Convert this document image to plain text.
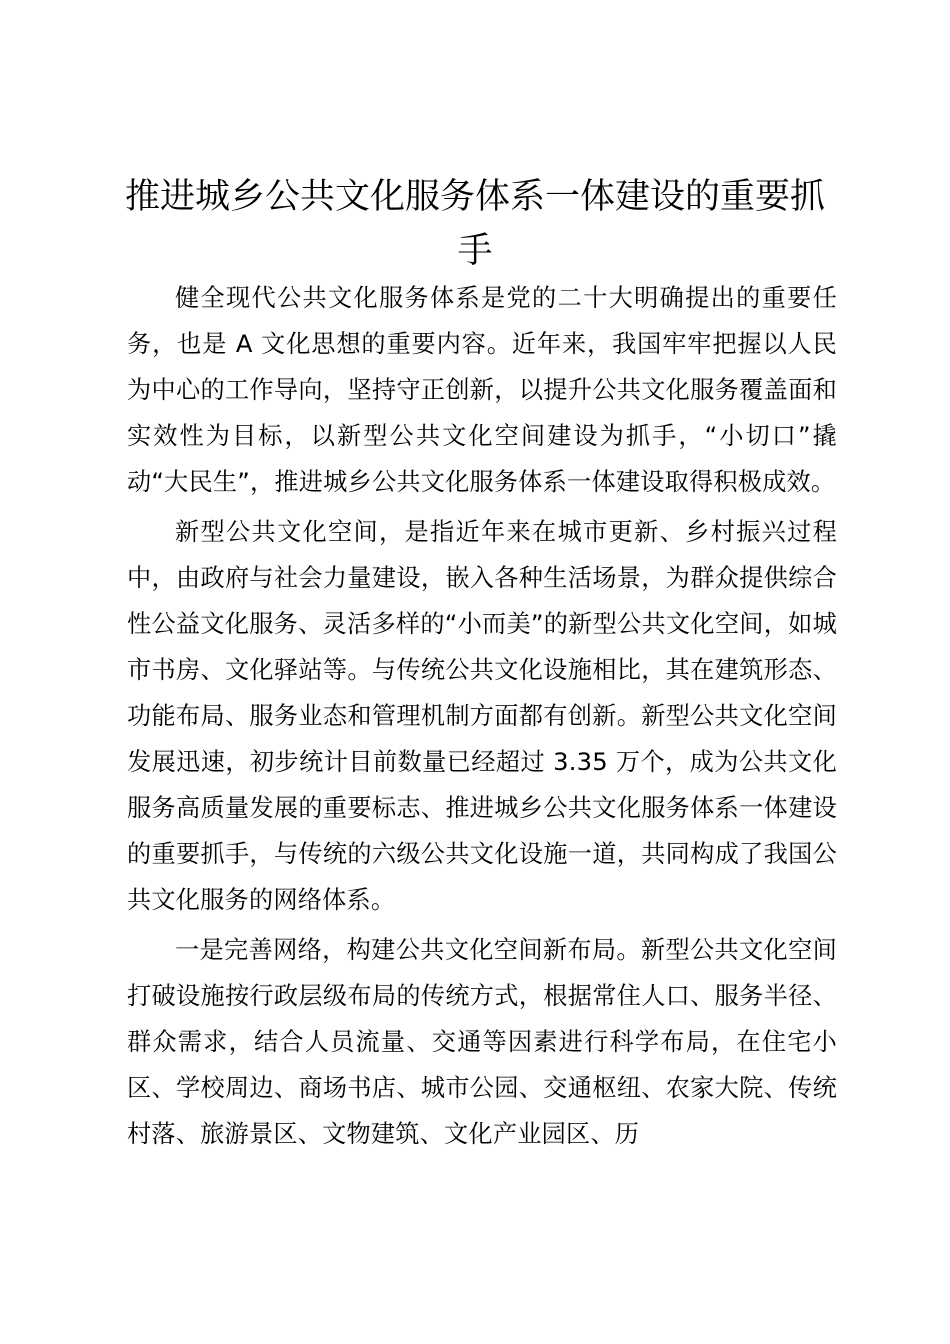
推进城乡公共文化服务体系一体建设的重要抓手

健全现代公共文化服务体系是党的二十大明确提出的重要任务，也是 A 文化思想的重要内容。近年来，我国牢牢把握以人民为中心的工作导向，坚持守正创新，以提升公共文化服务覆盖面和实效性为目标，以新型公共文化空间建设为抓手，“小切口”撬动“大民生”，推进城乡公共文化服务体系一体建设取得积极成效。

新型公共文化空间，是指近年来在城市更新、乡村振兴过程中，由政府与社会力量建设，嵌入各种生活场景，为群众提供综合性公益文化服务、灵活多样的“小而美”的新型公共文化空间，如城市书房、文化驿站等。与传统公共文化设施相比，其在建筑形态、功能布局、服务业态和管理机制方面都有创新。新型公共文化空间发展迅速，初步统计目前数量已经超过 3.35 万个，成为公共文化服务高质量发展的重要标志、推进城乡公共文化服务体系一体建设的重要抓手，与传统的六级公共文化设施一道，共同构成了我国公共文化服务的网络体系。

一是完善网络，构建公共文化空间新布局。新型公共文化空间打破设施按行政层级布局的传统方式，根据常住人口、服务半径、群众需求，结合人员流量、交通等因素进行科学布局，在住宅小区、学校周边、商场书店、城市公园、交通枢纽、农家大院、传统村落、旅游景区、文物建筑、文化产业园区、历
